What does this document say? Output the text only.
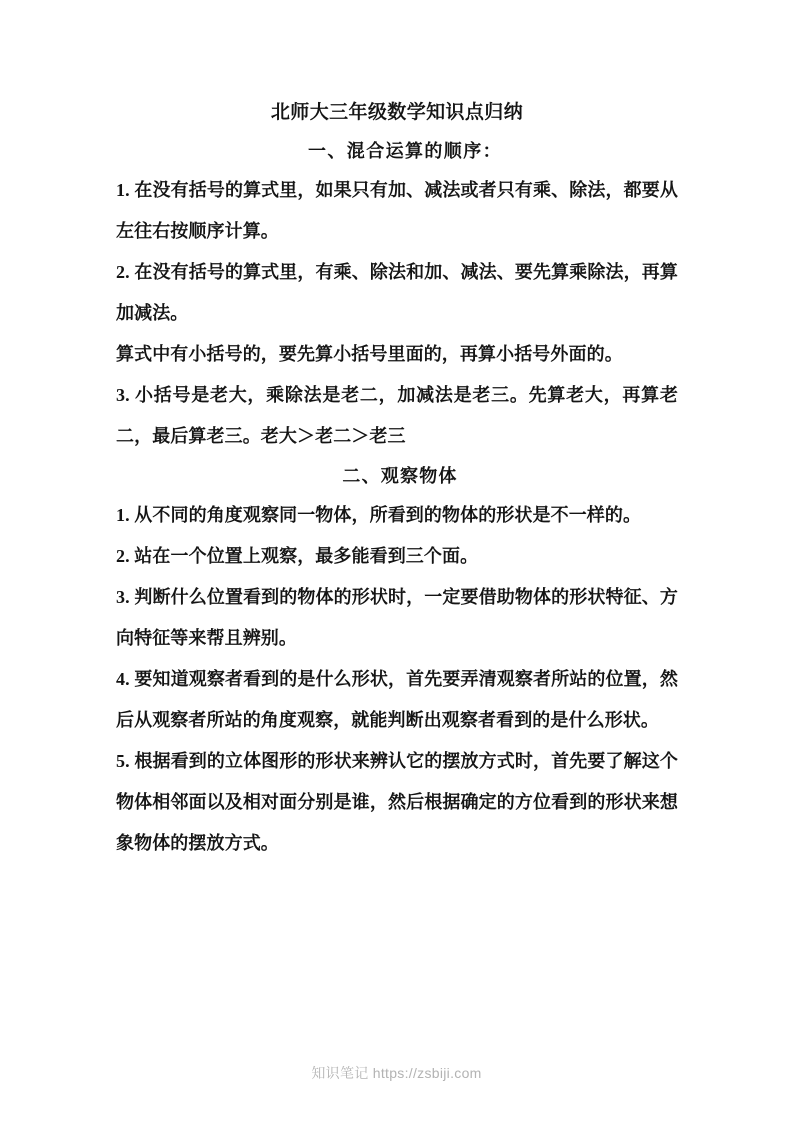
北师大三年级数学知识点归纳
一、混合运算的顺序：

1. 在没有括号的算式里，如果只有加、减法或者只有乘、除法，都要从左往右按顺序计算。

2. 在没有括号的算式里，有乘、除法和加、减法、要先算乘除法，再算加减法。

算式中有小括号的，要先算小括号里面的，再算小括号外面的。

3. 小括号是老大，乘除法是老二，加减法是老三。先算老大，再算老二，最后算老三。老大＞老二＞老三

二、观察物体

1. 从不同的角度观察同一物体，所看到的物体的形状是不一样的。

2. 站在一个位置上观察，最多能看到三个面。

3. 判断什么位置看到的物体的形状时，一定要借助物体的形状特征、方向特征等来帮且辨别。

4. 要知道观察者看到的是什么形状，首先要弄清观察者所站的位置，然后从观察者所站的角度观察，就能判断出观察者看到的是什么形状。

5. 根据看到的立体图形的形状来辨认它的摆放方式时，首先要了解这个物体相邻面以及相对面分别是谁，然后根据确定的方位看到的形状来想象物体的摆放方式。

知识笔记 https://zsbiji.com
